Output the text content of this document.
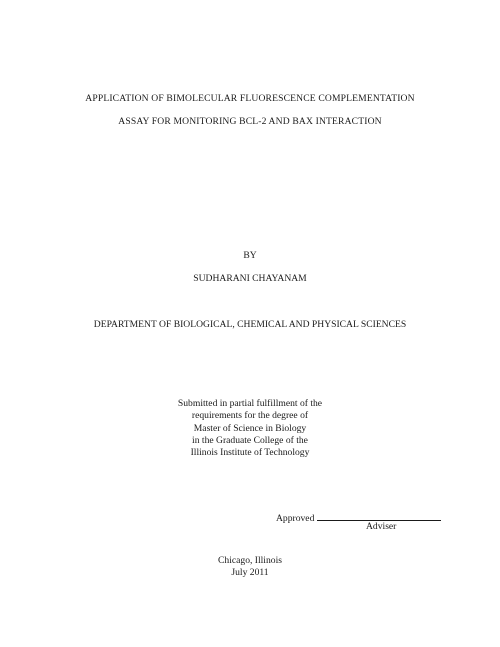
APPLICATION OF BIMOLECULAR FLUORESCENCE COMPLEMENTATION
ASSAY FOR MONITORING BCL-2 AND BAX INTERACTION
BY
SUDHARANI CHAYANAM
DEPARTMENT OF BIOLOGICAL, CHEMICAL AND PHYSICAL SCIENCES
Submitted in partial fulfillment of the
requirements for the degree of
Master of Science in Biology
in the Graduate College of the
Illinois Institute of Technology
Approved
Adviser
Chicago, Illinois
July 2011
